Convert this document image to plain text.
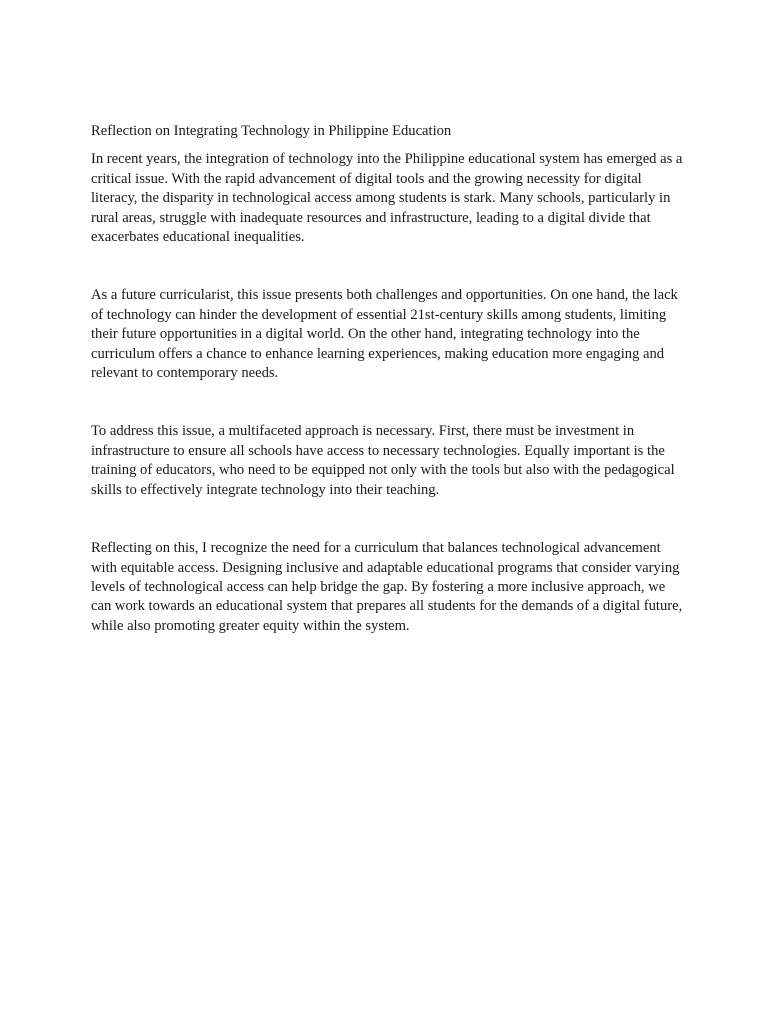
Reflection on Integrating Technology in Philippine Education

In recent years, the integration of technology into the Philippine educational system has emerged as a critical issue. With the rapid advancement of digital tools and the growing necessity for digital literacy, the disparity in technological access among students is stark. Many schools, particularly in rural areas, struggle with inadequate resources and infrastructure, leading to a digital divide that exacerbates educational inequalities.

As a future curricularist, this issue presents both challenges and opportunities. On one hand, the lack of technology can hinder the development of essential 21st-century skills among students, limiting their future opportunities in a digital world. On the other hand, integrating technology into the curriculum offers a chance to enhance learning experiences, making education more engaging and relevant to contemporary needs.

To address this issue, a multifaceted approach is necessary. First, there must be investment in infrastructure to ensure all schools have access to necessary technologies. Equally important is the training of educators, who need to be equipped not only with the tools but also with the pedagogical skills to effectively integrate technology into their teaching.

Reflecting on this, I recognize the need for a curriculum that balances technological advancement with equitable access. Designing inclusive and adaptable educational programs that consider varying levels of technological access can help bridge the gap. By fostering a more inclusive approach, we can work towards an educational system that prepares all students for the demands of a digital future, while also promoting greater equity within the system.
